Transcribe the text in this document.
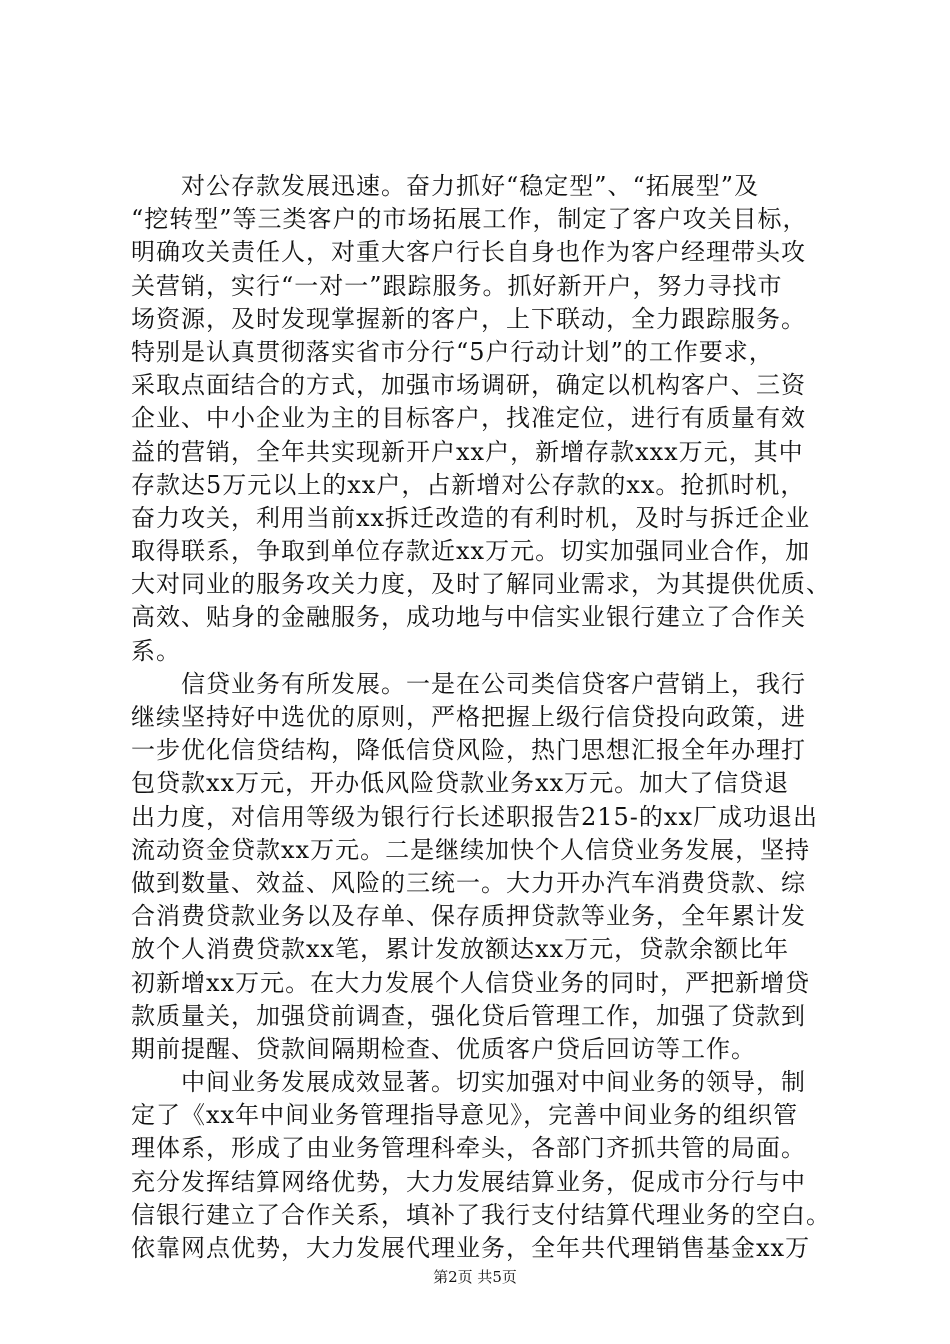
　　对公存款发展迅速。奋力抓好“稳定型”、“拓展型”及
“挖转型”等三类客户的市场拓展工作，制定了客户攻关目标，
明确攻关责任人，对重大客户行长自身也作为客户经理带头攻
关营销，实行“一对一”跟踪服务。抓好新开户，努力寻找市
场资源，及时发现掌握新的客户，上下联动，全力跟踪服务。
特别是认真贯彻落实省市分行“5户行动计划”的工作要求，
采取点面结合的方式，加强市场调研，确定以机构客户、三资
企业、中小企业为主的目标客户，找准定位，进行有质量有效
益的营销，全年共实现新开户xx户，新增存款xxx万元，其中
存款达5万元以上的xx户，占新增对公存款的xx。抢抓时机，
奋力攻关，利用当前xx拆迁改造的有利时机，及时与拆迁企业
取得联系，争取到单位存款近xx万元。切实加强同业合作，加
大对同业的服务攻关力度，及时了解同业需求，为其提供优质、
高效、贴身的金融服务，成功地与中信实业银行建立了合作关
系。
　　信贷业务有所发展。一是在公司类信贷客户营销上，我行
继续坚持好中选优的原则，严格把握上级行信贷投向政策，进
一步优化信贷结构，降低信贷风险，热门思想汇报全年办理打
包贷款xx万元，开办低风险贷款业务xx万元。加大了信贷退
出力度，对信用等级为银行行长述职报告215-的xx厂成功退出
流动资金贷款xx万元。二是继续加快个人信贷业务发展，坚持
做到数量、效益、风险的三统一。大力开办汽车消费贷款、综
合消费贷款业务以及存单、保存质押贷款等业务，全年累计发
放个人消费贷款xx笔，累计发放额达xx万元，贷款余额比年
初新增xx万元。在大力发展个人信贷业务的同时，严把新增贷
款质量关，加强贷前调查，强化贷后管理工作，加强了贷款到
期前提醒、贷款间隔期检查、优质客户贷后回访等工作。
　　中间业务发展成效显著。切实加强对中间业务的领导，制
定了《xx年中间业务管理指导意见》，完善中间业务的组织管
理体系，形成了由业务管理科牵头，各部门齐抓共管的局面。
充分发挥结算网络优势，大力发展结算业务，促成市分行与中
信银行建立了合作关系，填补了我行支付结算代理业务的空白。
依靠网点优势，大力发展代理业务，全年共代理销售基金xx万
第2页 共5页
